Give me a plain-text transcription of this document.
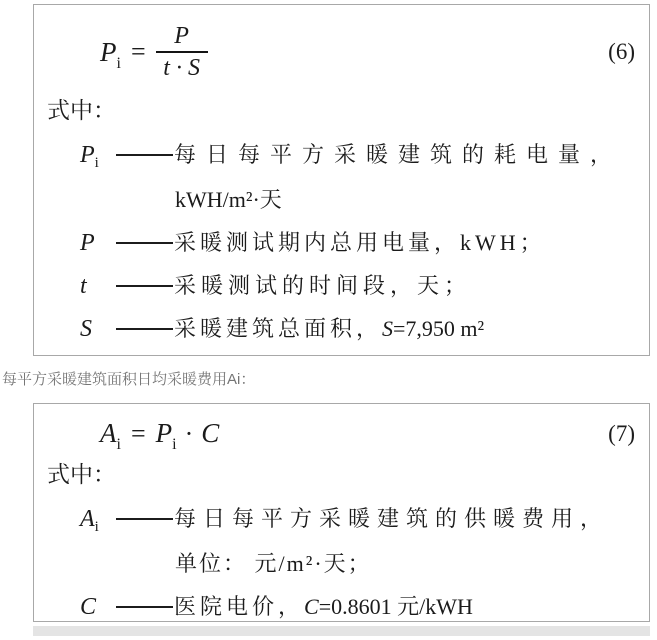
$P_i = \frac{P}{t \cdot S}$	(6)
式中：
$P_i$	每日每平方采暖建筑的耗电量，
kWH/m²·天
P	采暖测试期内总用电量，kWH；
t	采暖测试的时间段，天；
S	采暖建筑总面积，S=7,950 m²
每平方采暖建筑面积日均采暖费用Ai：
$A_i = P_i \cdot C$	(7)
式中：
$A_i$	每日每平方采暖建筑的供暖费用，
单位： 元/m²·天；
C	医院电价，C=0.8601 元/kWH
